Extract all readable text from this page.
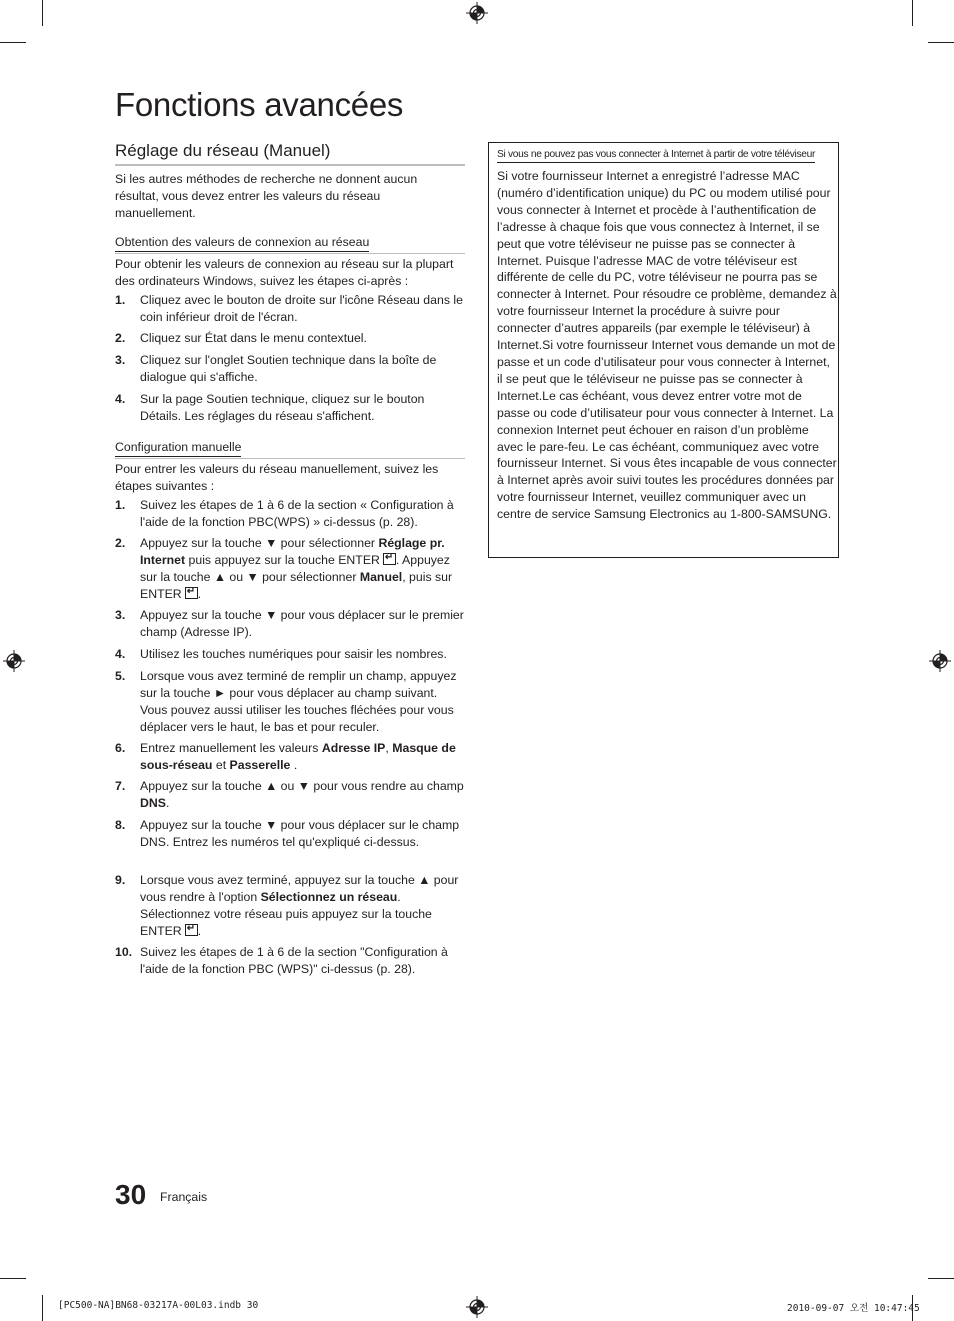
Fonctions avancées
Réglage du réseau (Manuel)
Si les autres méthodes de recherche ne donnent aucun résultat, vous devez entrer les valeurs du réseau manuellement.
Obtention des valeurs de connexion au réseau
Pour obtenir les valeurs de connexion au réseau sur la plupart des ordinateurs Windows, suivez les étapes ci-après :
1. Cliquez avec le bouton de droite sur l'icône Réseau dans le coin inférieur droit de l'écran.
2. Cliquez sur État dans le menu contextuel.
3. Cliquez sur l'onglet Soutien technique dans la boîte de dialogue qui s'affiche.
4. Sur la page Soutien technique, cliquez sur le bouton Détails. Les réglages du réseau s'affichent.
Configuration manuelle
Pour entrer les valeurs du réseau manuellement, suivez les étapes suivantes :
1. Suivez les étapes de 1 à 6 de la section « Configuration à l'aide de la fonction PBC(WPS) » ci-dessus (p. 28).
2. Appuyez sur la touche ▼ pour sélectionner Réglage pr. Internet puis appuyez sur la touche ENTER ↵ . Appuyez sur la touche ▲ ou ▼ pour sélectionner Manuel, puis sur ENTER ↵ .
3. Appuyez sur la touche ▼ pour vous déplacer sur le premier champ (Adresse IP).
4. Utilisez les touches numériques pour saisir les nombres.
5. Lorsque vous avez terminé de remplir un champ, appuyez sur la touche ► pour vous déplacer au champ suivant. Vous pouvez aussi utiliser les touches fléchées pour vous déplacer vers le haut, le bas et pour reculer.
6. Entrez manuellement les valeurs Adresse IP, Masque de sous-réseau et Passerelle .
7. Appuyez sur la touche ▲ ou ▼ pour vous rendre au champ DNS.
8. Appuyez sur la touche ▼ pour vous déplacer sur le champ DNS. Entrez les numéros tel qu'expliqué ci-dessus.
9. Lorsque vous avez terminé, appuyez sur la touche ▲ pour vous rendre à l'option Sélectionnez un réseau. Sélectionnez votre réseau puis appuyez sur la touche ENTER ↵ .
10. Suivez les étapes de 1 à 6 de la section "Configuration à l'aide de la fonction PBC (WPS)" ci-dessus (p. 28).
Si vous ne pouvez pas vous connecter à Internet à partir de votre téléviseur
Si votre fournisseur Internet a enregistré l’adresse MAC (numéro d’identification unique) du PC ou modem utilisé pour vous connecter à Internet et procède à l’authentification de l’adresse à chaque fois que vous connectez à Internet, il se peut que votre téléviseur ne puisse pas se connecter à Internet. Puisque l’adresse MAC de votre téléviseur est différente de celle du PC, votre téléviseur ne pourra pas se connecter à Internet. Pour résoudre ce problème, demandez à votre fournisseur Internet la procédure à suivre pour connecter d’autres appareils (par exemple le téléviseur) à Internet.Si votre fournisseur Internet vous demande un mot de passe et un code d’utilisateur pour vous connecter à Internet, il se peut que le téléviseur ne puisse pas se connecter à Internet.Le cas échéant, vous devez entrer votre mot de passe ou code d’utilisateur pour vous connecter à Internet. La connexion Internet peut échouer en raison d’un problème avec le pare-feu. Le cas échéant, communiquez avec votre fournisseur Internet. Si vous êtes incapable de vous connecter à Internet après avoir suivi toutes les procédures données par votre fournisseur Internet, veuillez communiquer avec un centre de service Samsung Electronics au 1-800-SAMSUNG.
30 Français
[PC500-NA]BN68-03217A-00L03.indb 30	2010-09-07 오전 10:47:45
